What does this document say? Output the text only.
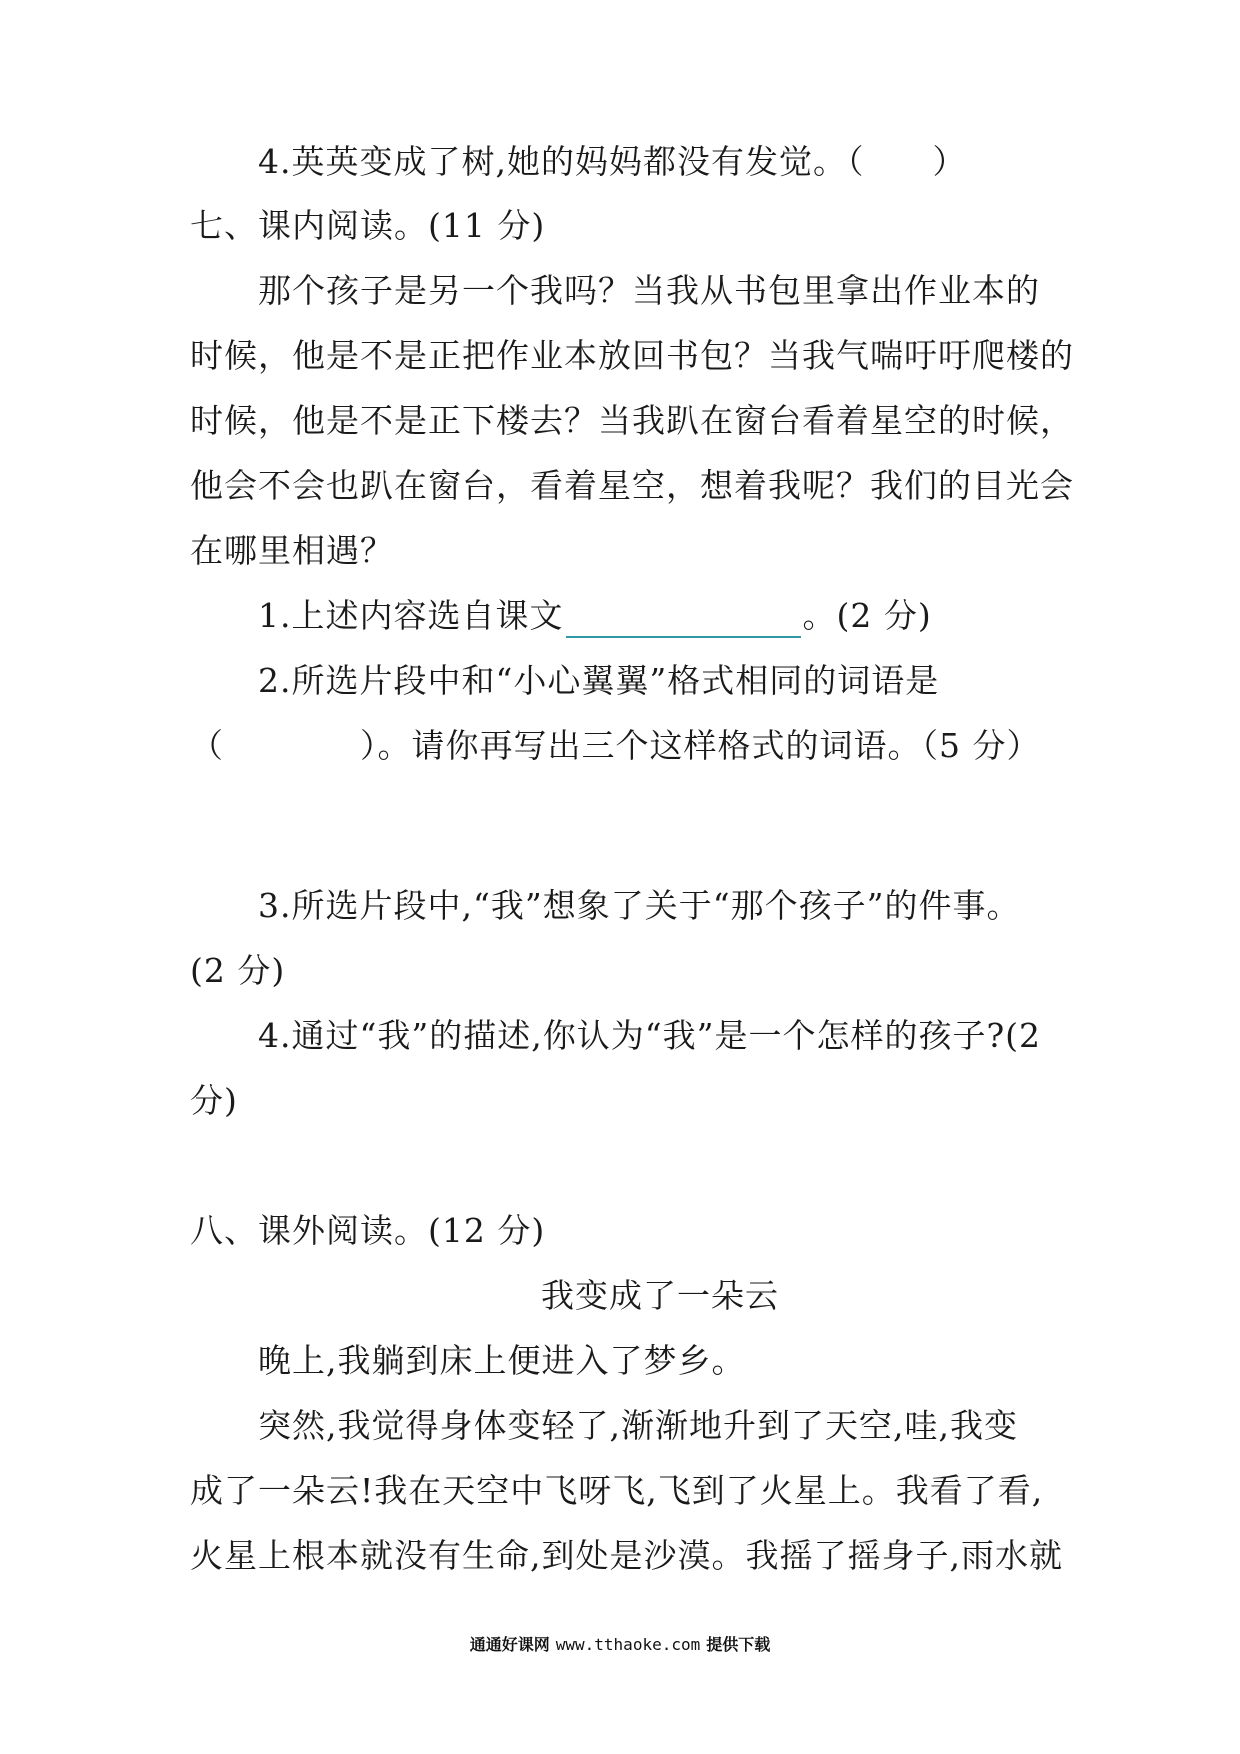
4.英英变成了树,她的妈妈都没有发觉。（　　）
七、课内阅读。(11 分)
那个孩子是另一个我吗？当我从书包里拿出作业本的
时候，他是不是正把作业本放回书包？当我气喘吁吁爬楼的
时候，他是不是正下楼去？当我趴在窗台看着星空的时候，
他会不会也趴在窗台，看着星空，想着我呢？我们的目光会
在哪里相遇？
1.上述内容选自课文	。(2 分)
2.所选片段中和“小心翼翼”格式相同的词语是
（　　　　）。请你再写出三个这样格式的词语。（5 分）
3.所选片段中,“我”想象了关于“那个孩子”的件事。
(2 分)
4.通过“我”的描述,你认为“我”是一个怎样的孩子?(2
分)
八、课外阅读。(12 分)
我变成了一朵云
晚上,我躺到床上便进入了梦乡。
突然,我觉得身体变轻了,渐渐地升到了天空,哇,我变
成了一朵云!我在天空中飞呀飞,飞到了火星上。我看了看,
火星上根本就没有生命,到处是沙漠。我摇了摇身子,雨水就
通通好课网 www.tthaoke.com 提供下载
